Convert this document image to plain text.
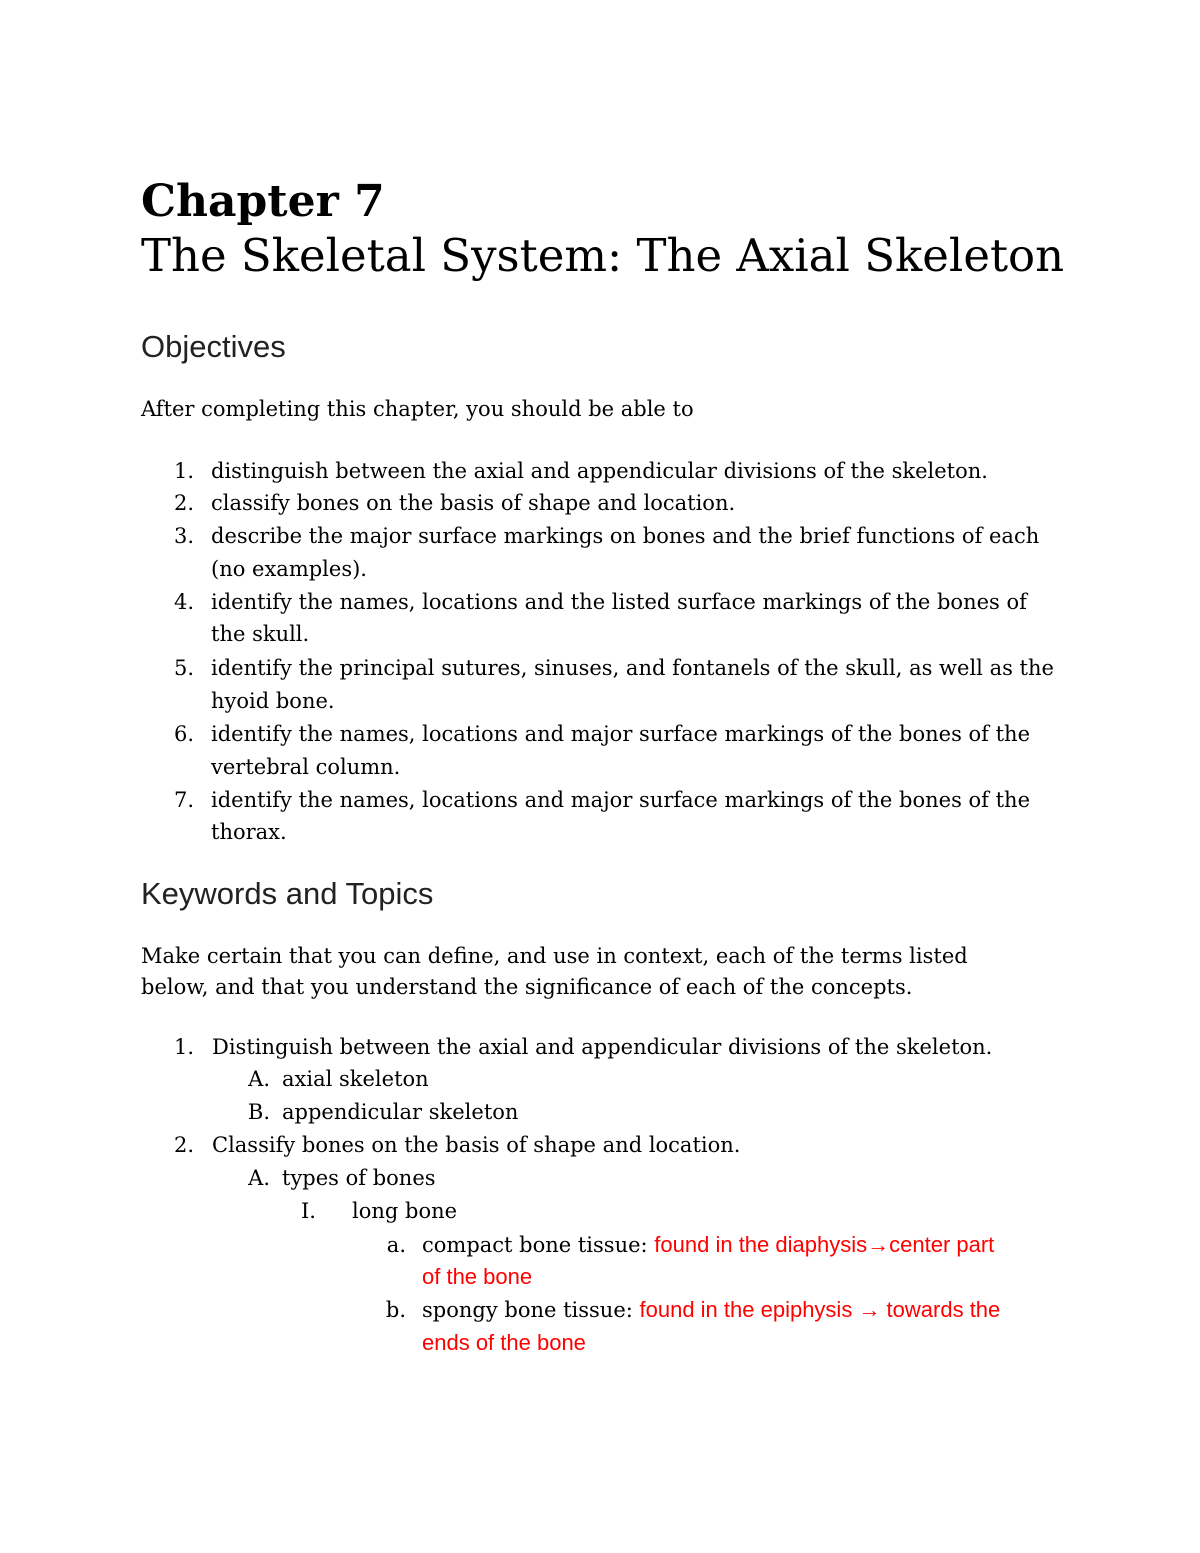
Chapter 7
The Skeletal System: The Axial Skeleton
Objectives
After completing this chapter, you should be able to
1. distinguish between the axial and appendicular divisions of the skeleton.
2. classify bones on the basis of shape and location.
3. describe the major surface markings on bones and the brief functions of each
(no examples).
4. identify the names, locations and the listed surface markings of the bones of
the skull.
5. identify the principal sutures, sinuses, and fontanels of the skull, as well as the
hyoid bone.
6. identify the names, locations and major surface markings of the bones of the
vertebral column.
7. identify the names, locations and major surface markings of the bones of the
thorax.
Keywords and Topics
Make certain that you can define, and use in context, each of the terms listed
below, and that you understand the significance of each of the concepts.
1. Distinguish between the axial and appendicular divisions of the skeleton.
A. axial skeleton
B. appendicular skeleton
2. Classify bones on the basis of shape and location.
A. types of bones
I. long bone
a. compact bone tissue: found in the diaphysis→center part
of the bone
b. spongy bone tissue: found in the epiphysis → towards the
ends of the bone
